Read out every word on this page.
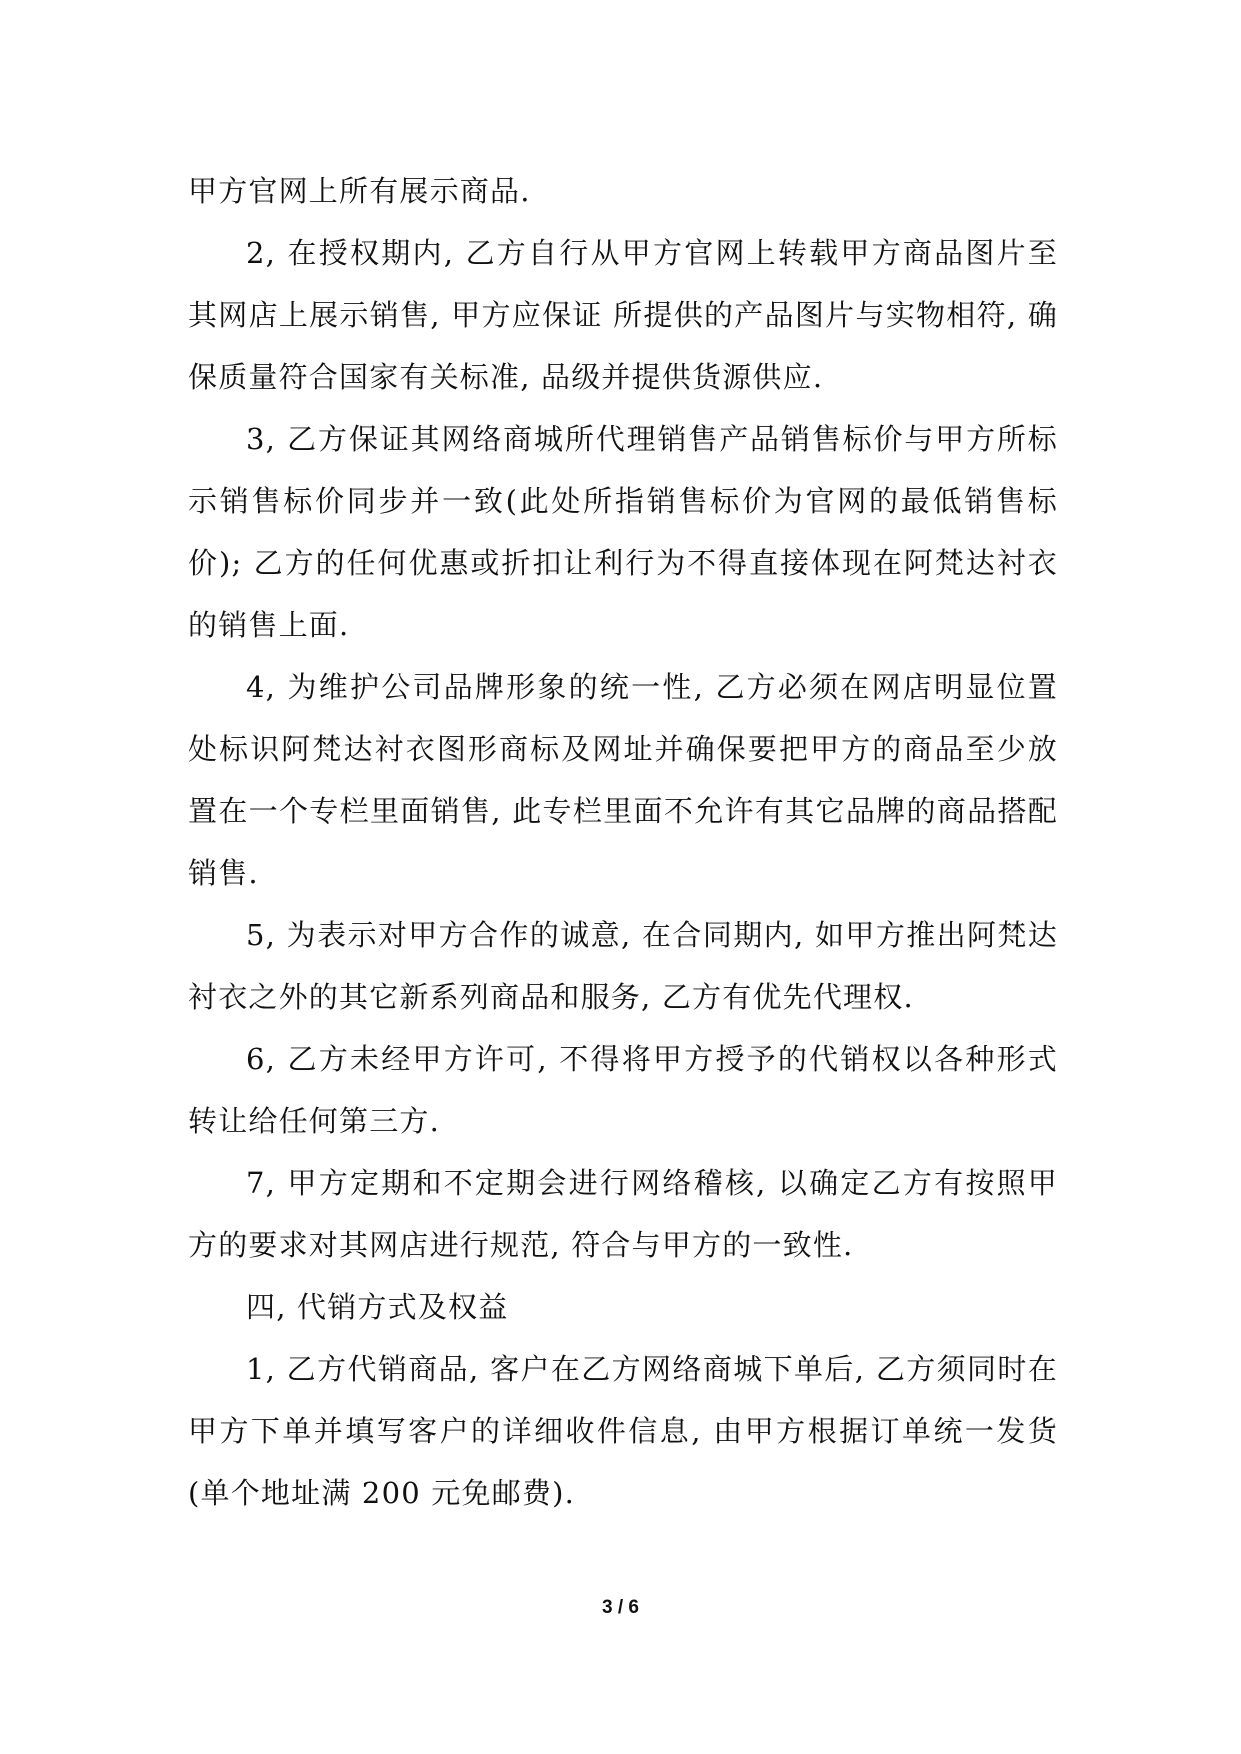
甲方官网上所有展示商品.

2, 在授权期内, 乙方自行从甲方官网上转载甲方商品图片至其网店上展示销售, 甲方应保证 所提供的产品图片与实物相符, 确保质量符合国家有关标准, 品级并提供货源供应.

3, 乙方保证其网络商城所代理销售产品销售标价与甲方所标示销售标价同步并一致(此处所指销售标价为官网的最低销售标价); 乙方的任何优惠或折扣让利行为不得直接体现在阿梵达衬衣的销售上面.

4, 为维护公司品牌形象的统一性, 乙方必须在网店明显位置处标识阿梵达衬衣图形商标及网址并确保要把甲方的商品至少放置在一个专栏里面销售, 此专栏里面不允许有其它品牌的商品搭配销售.

5, 为表示对甲方合作的诚意, 在合同期内, 如甲方推出阿梵达衬衣之外的其它新系列商品和服务, 乙方有优先代理权.

6, 乙方未经甲方许可, 不得将甲方授予的代销权以各种形式转让给任何第三方.

7, 甲方定期和不定期会进行网络稽核, 以确定乙方有按照甲方的要求对其网店进行规范, 符合与甲方的一致性.

四, 代销方式及权益

1, 乙方代销商品, 客户在乙方网络商城下单后, 乙方须同时在甲方下单并填写客户的详细收件信息, 由甲方根据订单统一发货(单个地址满 200 元免邮费).

3 / 6
